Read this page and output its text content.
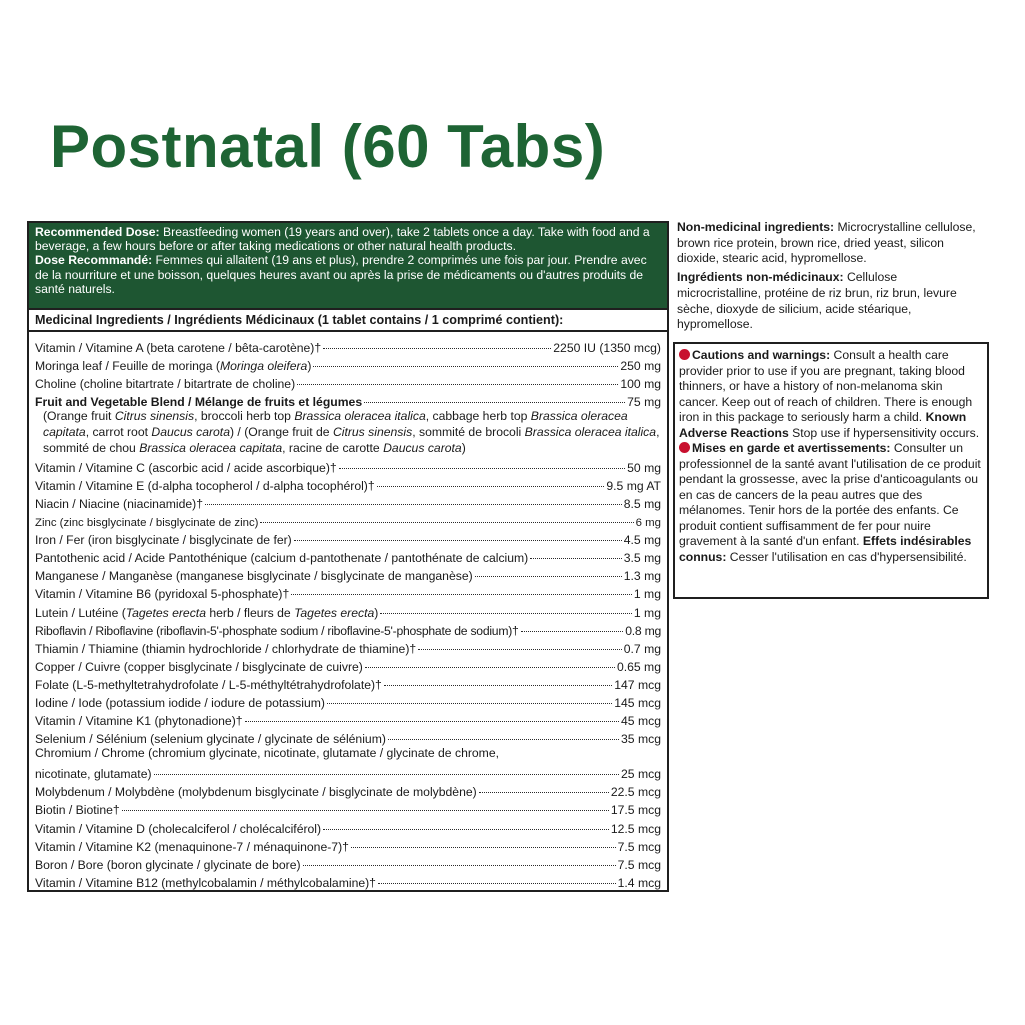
Postnatal (60 Tabs)
Recommended Dose: Breastfeeding women (19 years and over), take 2 tablets once a day. Take with food and a beverage, a few hours before or after taking medications or other natural health products.
Dose Recommandé: Femmes qui allaitent (19 ans et plus), prendre 2 comprimés une fois par jour. Prendre avec de la nourriture et une boisson, quelques heures avant ou après la prise de médicaments ou d'autres produits de santé naturels.
Medicinal Ingredients / Ingrédients Médicinaux (1 tablet contains / 1 comprimé contient):
Vitamin / Vitamine A (beta carotene / bêta-carotène)†	2250 IU (1350 mcg)
Moringa leaf / Feuille de moringa (Moringa oleifera)	250 mg
Choline (choline bitartrate / bitartrate de choline)	100 mg
Fruit and Vegetable Blend / Mélange de fruits et légumes	75 mg
(Orange fruit Citrus sinensis, broccoli herb top Brassica oleracea italica, cabbage herb top Brassica oleracea capitata, carrot root Daucus carota) / (Orange fruit de Citrus sinensis, sommité de brocoli Brassica oleracea italica, sommité de chou Brassica oleracea capitata, racine de carotte Daucus carota)
Vitamin / Vitamine C (ascorbic acid / acide ascorbique)†	50 mg
Vitamin / Vitamine E (d-alpha tocopherol / d-alpha tocophérol)†	9.5 mg AT
Niacin / Niacine (niacinamide)†	8.5 mg
Zinc (zinc bisglycinate / bisglycinate de zinc)	6 mg
Iron / Fer (iron bisglycinate / bisglycinate de fer)	4.5 mg
Pantothenic acid / Acide Pantothénique (calcium d-pantothenate / pantothénate de calcium)	3.5 mg
Manganese / Manganèse (manganese bisglycinate / bisglycinate de manganèse)	1.3 mg
Vitamin / Vitamine B6 (pyridoxal 5-phosphate)†	1 mg
Lutein / Lutéine (Tagetes erecta herb / fleurs de Tagetes erecta)	1 mg
Riboflavin / Riboflavine (riboflavin-5'-phosphate sodium / riboflavine-5'-phosphate de sodium)†	0.8 mg
Thiamin / Thiamine (thiamin hydrochloride / chlorhydrate de thiamine)†	0.7 mg
Copper / Cuivre (copper bisglycinate / bisglycinate de cuivre)	0.65 mg
Folate (L-5-methyltetrahydrofolate / L-5-méthyltétrahydrofolate)†	147 mcg
Iodine / Iode (potassium iodide / iodure de potassium)	145 mcg
Vitamin / Vitamine K1 (phytonadione)†	45 mcg
Selenium / Sélénium (selenium glycinate / glycinate de sélénium)	35 mcg
Chromium / Chrome (chromium glycinate, nicotinate, glutamate / glycinate de chrome,
nicotinate, glutamate)	25 mcg
Molybdenum / Molybdène (molybdenum bisglycinate / bisglycinate de molybdène)	22.5 mcg
Biotin / Biotine†	17.5 mcg
Vitamin / Vitamine D (cholecalciferol / cholécalciférol)	12.5 mcg
Vitamin / Vitamine K2 (menaquinone-7 / ménaquinone-7)†	7.5 mcg
Boron / Bore (boron glycinate / glycinate de bore)	7.5 mcg
Vitamin / Vitamine B12 (methylcobalamin / méthylcobalamine)†	1.4 mcg

Non-medicinal ingredients: Microcrystalline cellulose, brown rice protein, brown rice, dried yeast, silicon dioxide, stearic acid, hypromellose.

Ingrédients non-médicinaux: Cellulose microcristalline, protéine de riz brun, riz brun, levure sèche, dioxyde de silicium, acide stéarique, hypromellose.

Cautions and warnings: Consult a health care provider prior to use if you are pregnant, taking blood thinners, or have a history of non-melanoma skin cancer. Keep out of reach of children. There is enough iron in this package to seriously harm a child. Known Adverse Reactions Stop use if hypersensitivity occurs.

Mises en garde et avertissements: Consulter un professionnel de la santé avant l'utilisation de ce produit pendant la grossesse, avec la prise d'anticoagulants ou en cas de cancers de la peau autres que des mélanomes. Tenir hors de la portée des enfants. Ce produit contient suffisamment de fer pour nuire gravement à la santé d'un enfant. Effets indésirables connus: Cesser l'utilisation en cas d'hypersensibilité.
